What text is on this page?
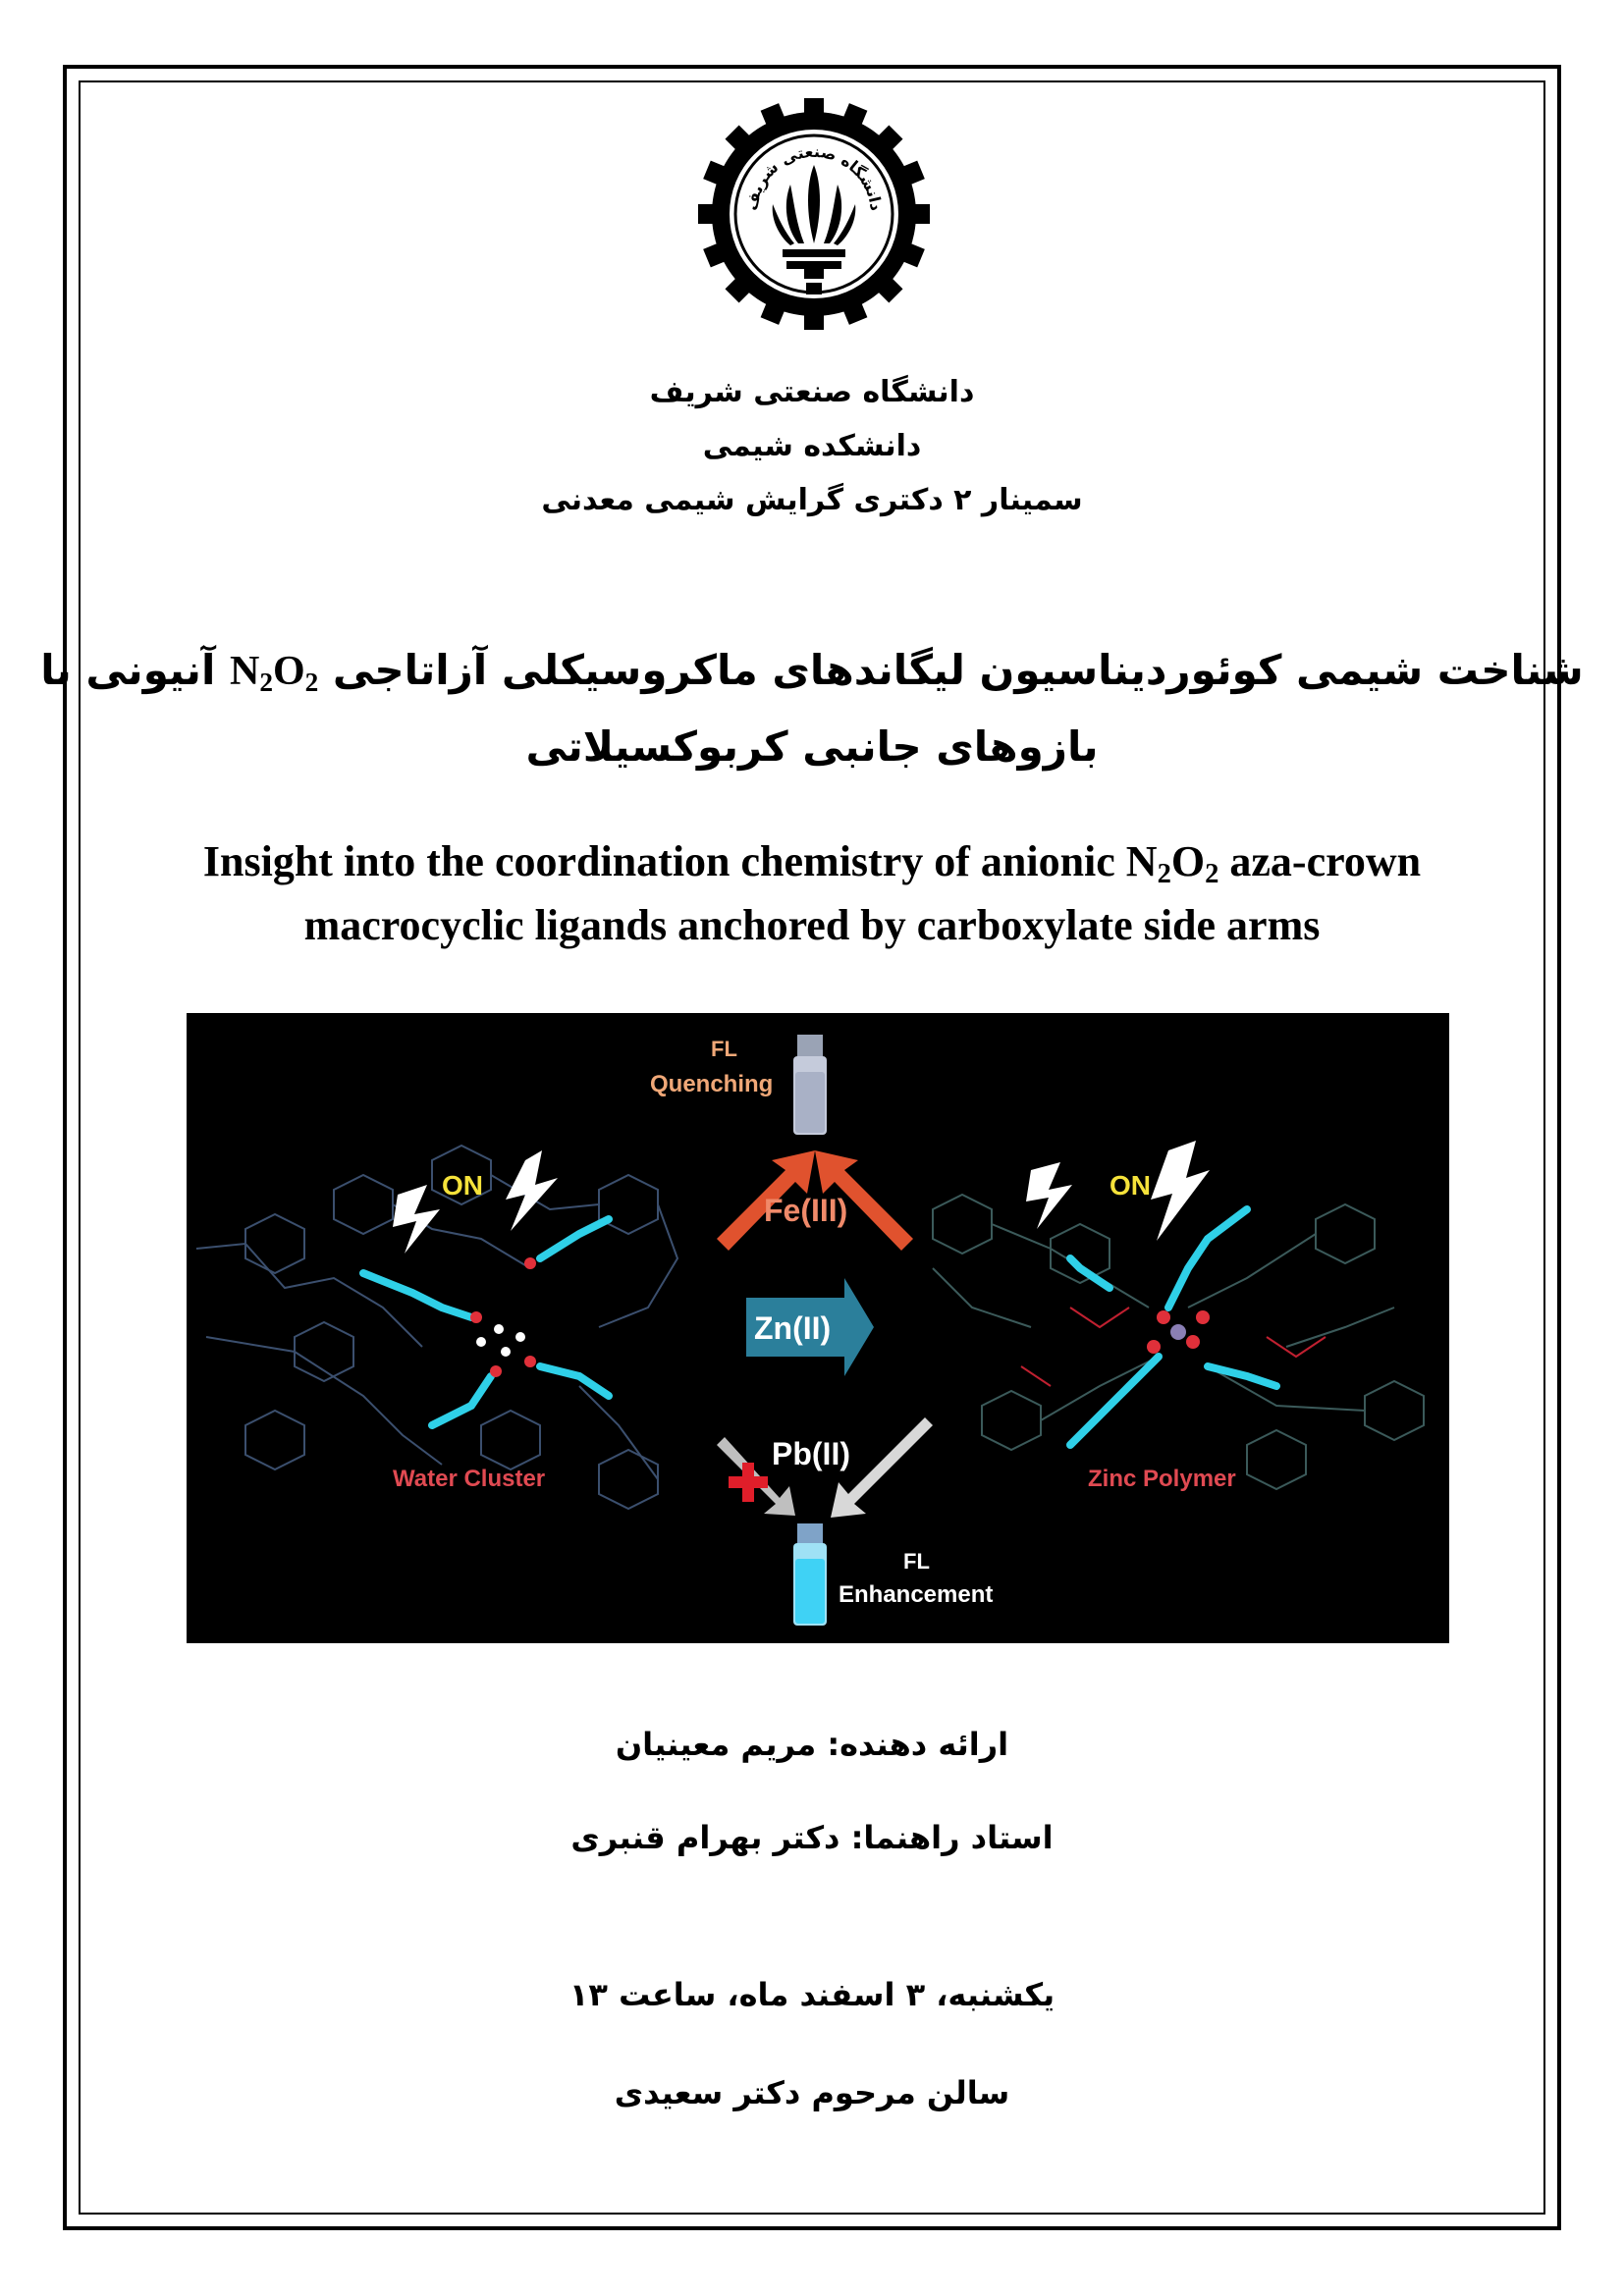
دانشگاه صنعتی شریف
دانشگاه صنعتی شریف
دانشکده شیمی
سمینار ۲ دکتری گرایش شیمی معدنی
شناخت شیمی کوئوردیناسیون لیگاندهای ماکروسیکلی آزاتاجی $N_2O_2$ آنیونی با
بازوهای جانبی کربوکسیلاتی
Insight into the coordination chemistry of anionic $N_2O_2$ aza-crown
macrocyclic ligands anchored by carboxylate side arms
ON
FL
Quenching
Fe(III)
Zn(II)
Pb(II)
FL
Enhancement
ON
Water Cluster	Zinc Polymer
ارائه دهنده: مریم معینیان
استاد راهنما: دکتر بهرام قنبری
یکشنبه، ۳ اسفند ماه، ساعت ۱۳
سالن مرحوم دکتر سعیدی
